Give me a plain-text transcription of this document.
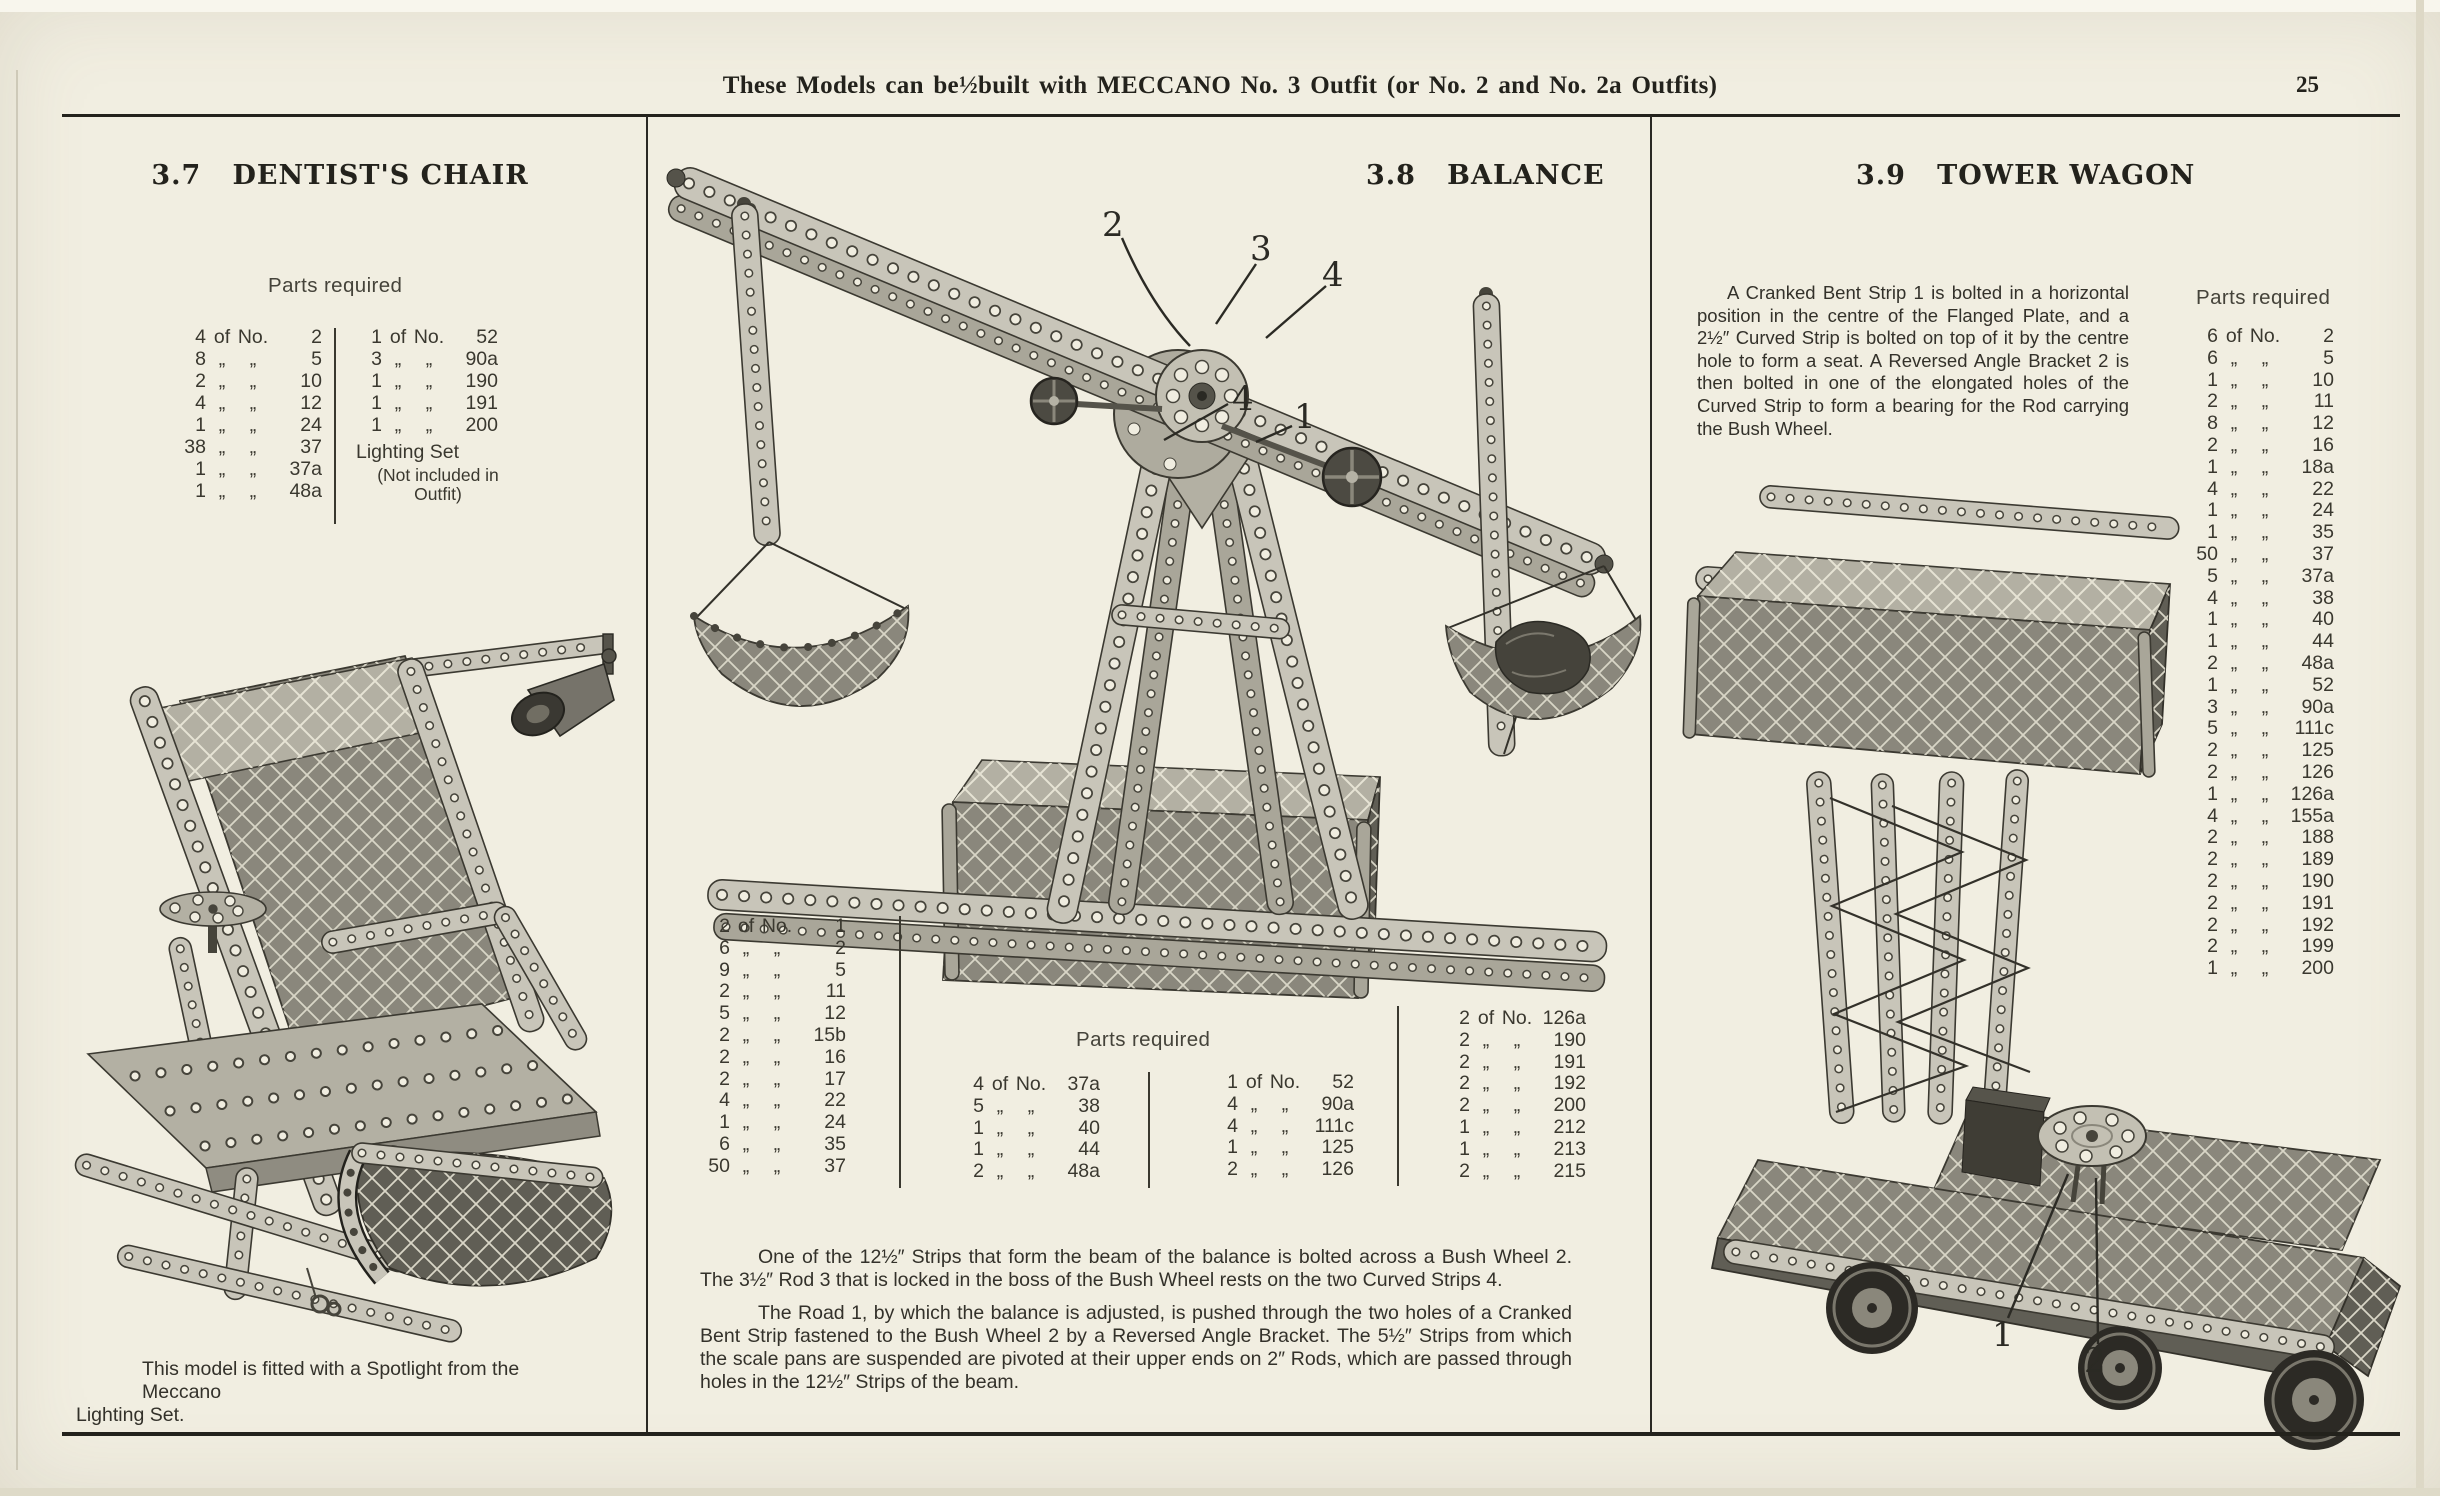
These Models can be½built with MECCANO No. 3 Outfit (or No. 2 and No. 2a Outfits)	25
3.7   DENTIST'S CHAIR
Parts required
4 of No.	2
8 „	„	5
2 „	„	10
4 „	„	12
1 „	„	24
38 „	„	37
1 „	„	37a
1 „	„	48a
1 of No.	52
3 „	„	90a
1 „	„	190
1 „	„	191
1 „	„	200
Lighting Set
(Not included in
Outfit)
This model is fitted with a Spotlight from the Meccano
Lighting Set.
3.8   BALANCE
2
3
4
4 1
Parts required
2 of No.	1
6 „	„	2
9 „	„	5
2 „	„	11
5 „	„	12
2 „	„	15b
2 „	„	16
2 „	„	17
4 „	„	22
1 „	„	24
6 „	„	35
50 „	„	37
4 of No.	37a
5 „	„	38
1 „	„	40
1 „	„	44
2 „	„	48a
1 of No.	52
4 „	„	90a
4 „	„	111c
1 „	„	125
2 „	„	126
2 of No. 126a
2 „	„	190
2 „	„	191
2 „	„	192
2 „	„	200
1 „	„	212
1 „	„	213
2 „	„	215
One of the 12½″ Strips that form the beam of the balance is bolted across a Bush Wheel 2. The 3½″ Rod 3 that is locked in the boss of the Bush Wheel rests on the two Curved Strips 4.
The Road 1, by which the balance is adjusted, is pushed through the two holes of a Cranked Bent Strip fastened to the Bush Wheel 2 by a Reversed Angle Bracket. The 5½″ Strips from which the scale pans are suspended are pivoted at their upper ends on 2″ Rods, which are passed through holes in the 12½″ Strips of the beam.
3.9   TOWER WAGON
A Cranked Bent Strip 1 is bolted in a horizontal position in the centre of the Flanged Plate, and a 2½″ Curved Strip is bolted on top of it by the centre hole to form a seat. A Reversed Angle Bracket 2 is then bolted in one of the elongated holes of the Curved Strip to form a bearing for the Rod carrying the Bush Wheel.
Parts required
6 of No.	2
6 „	„	5
1 „	„	10
2 „	„	11
8 „	„	12
2 „	„	16
1 „	„	18a
4 „	„	22
1 „	„	24
1 „	„	35
50 „	„	37
5 „	„	37a
4 „	„	38
1 „	„	40
1 „	„	44
2 „	„	48a
1 „	„	52
3 „	„	90a
5 „	„	111c
2 „	„	125
2 „	„	126
1 „	„	126a
4 „	„	155a
2 „	„	188
2 „	„	189
2 „	„	190
2 „	„	191
2 „	„	192
2 „	„	199
1 „	„	200
1
2
